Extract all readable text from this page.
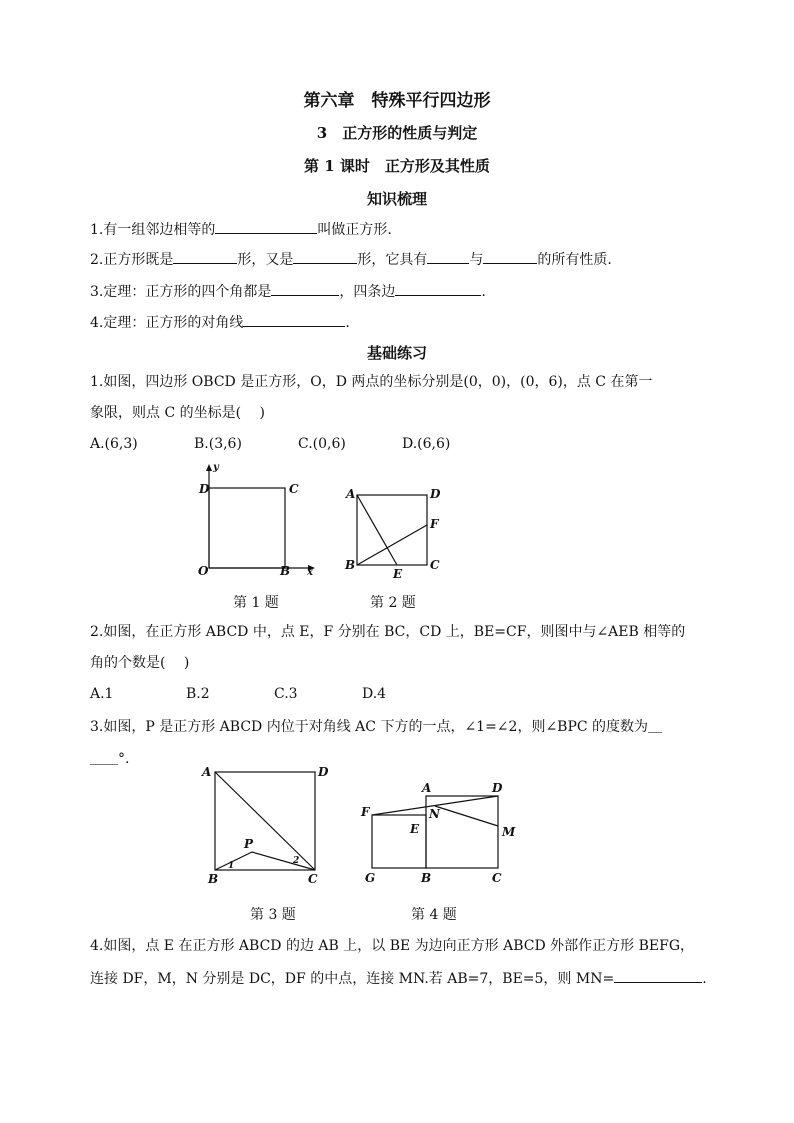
第六章　特殊平行四边形
3　正方形的性质与判定
第 1 课时　正方形及其性质
知识梳理
1.有一组邻边相等的	叫做正方形.
2.正方形既是	形，又是	形，它具有	与	的所有性质.
3.定理：正方形的四个角都是	，四条边	.
4.定理：正方形的对角线	.
基础练习
1.如图，四边形 OBCD 是正方形，O，D 两点的坐标分别是(0，0)，(0，6)，点 C 在第一
象限，则点 C 的坐标是(　 )
A.(6,3)	B.(3,6)	C.(0,6)	D.(6,6)
D	C
O	B x
y
A	D
F
B
E
C
第 1 题	第 2 题
2.如图，在正方形 ABCD 中，点 E，F 分别在 BC，CD 上，BE=CF，则图中与∠AEB 相等的
角的个数是(　 )
A.1	B.2	C.3	D.4
3.如图，P 是正方形 ABCD 内位于对角线 AC 下方的一点，∠1=∠2，则∠BPC 的度数为＿
＿＿°.
A	D
P
B	C
1	2
A	D
F	N
E	M
G	B	C
第 3 题	第 4 题
4.如图，点 E 在正方形 ABCD 的边 AB 上，以 BE 为边向正方形 ABCD 外部作正方形 BEFG，
连接 DF，M，N 分别是 DC，DF 的中点，连接 MN.若 AB=7，BE=5，则 MN=	.
